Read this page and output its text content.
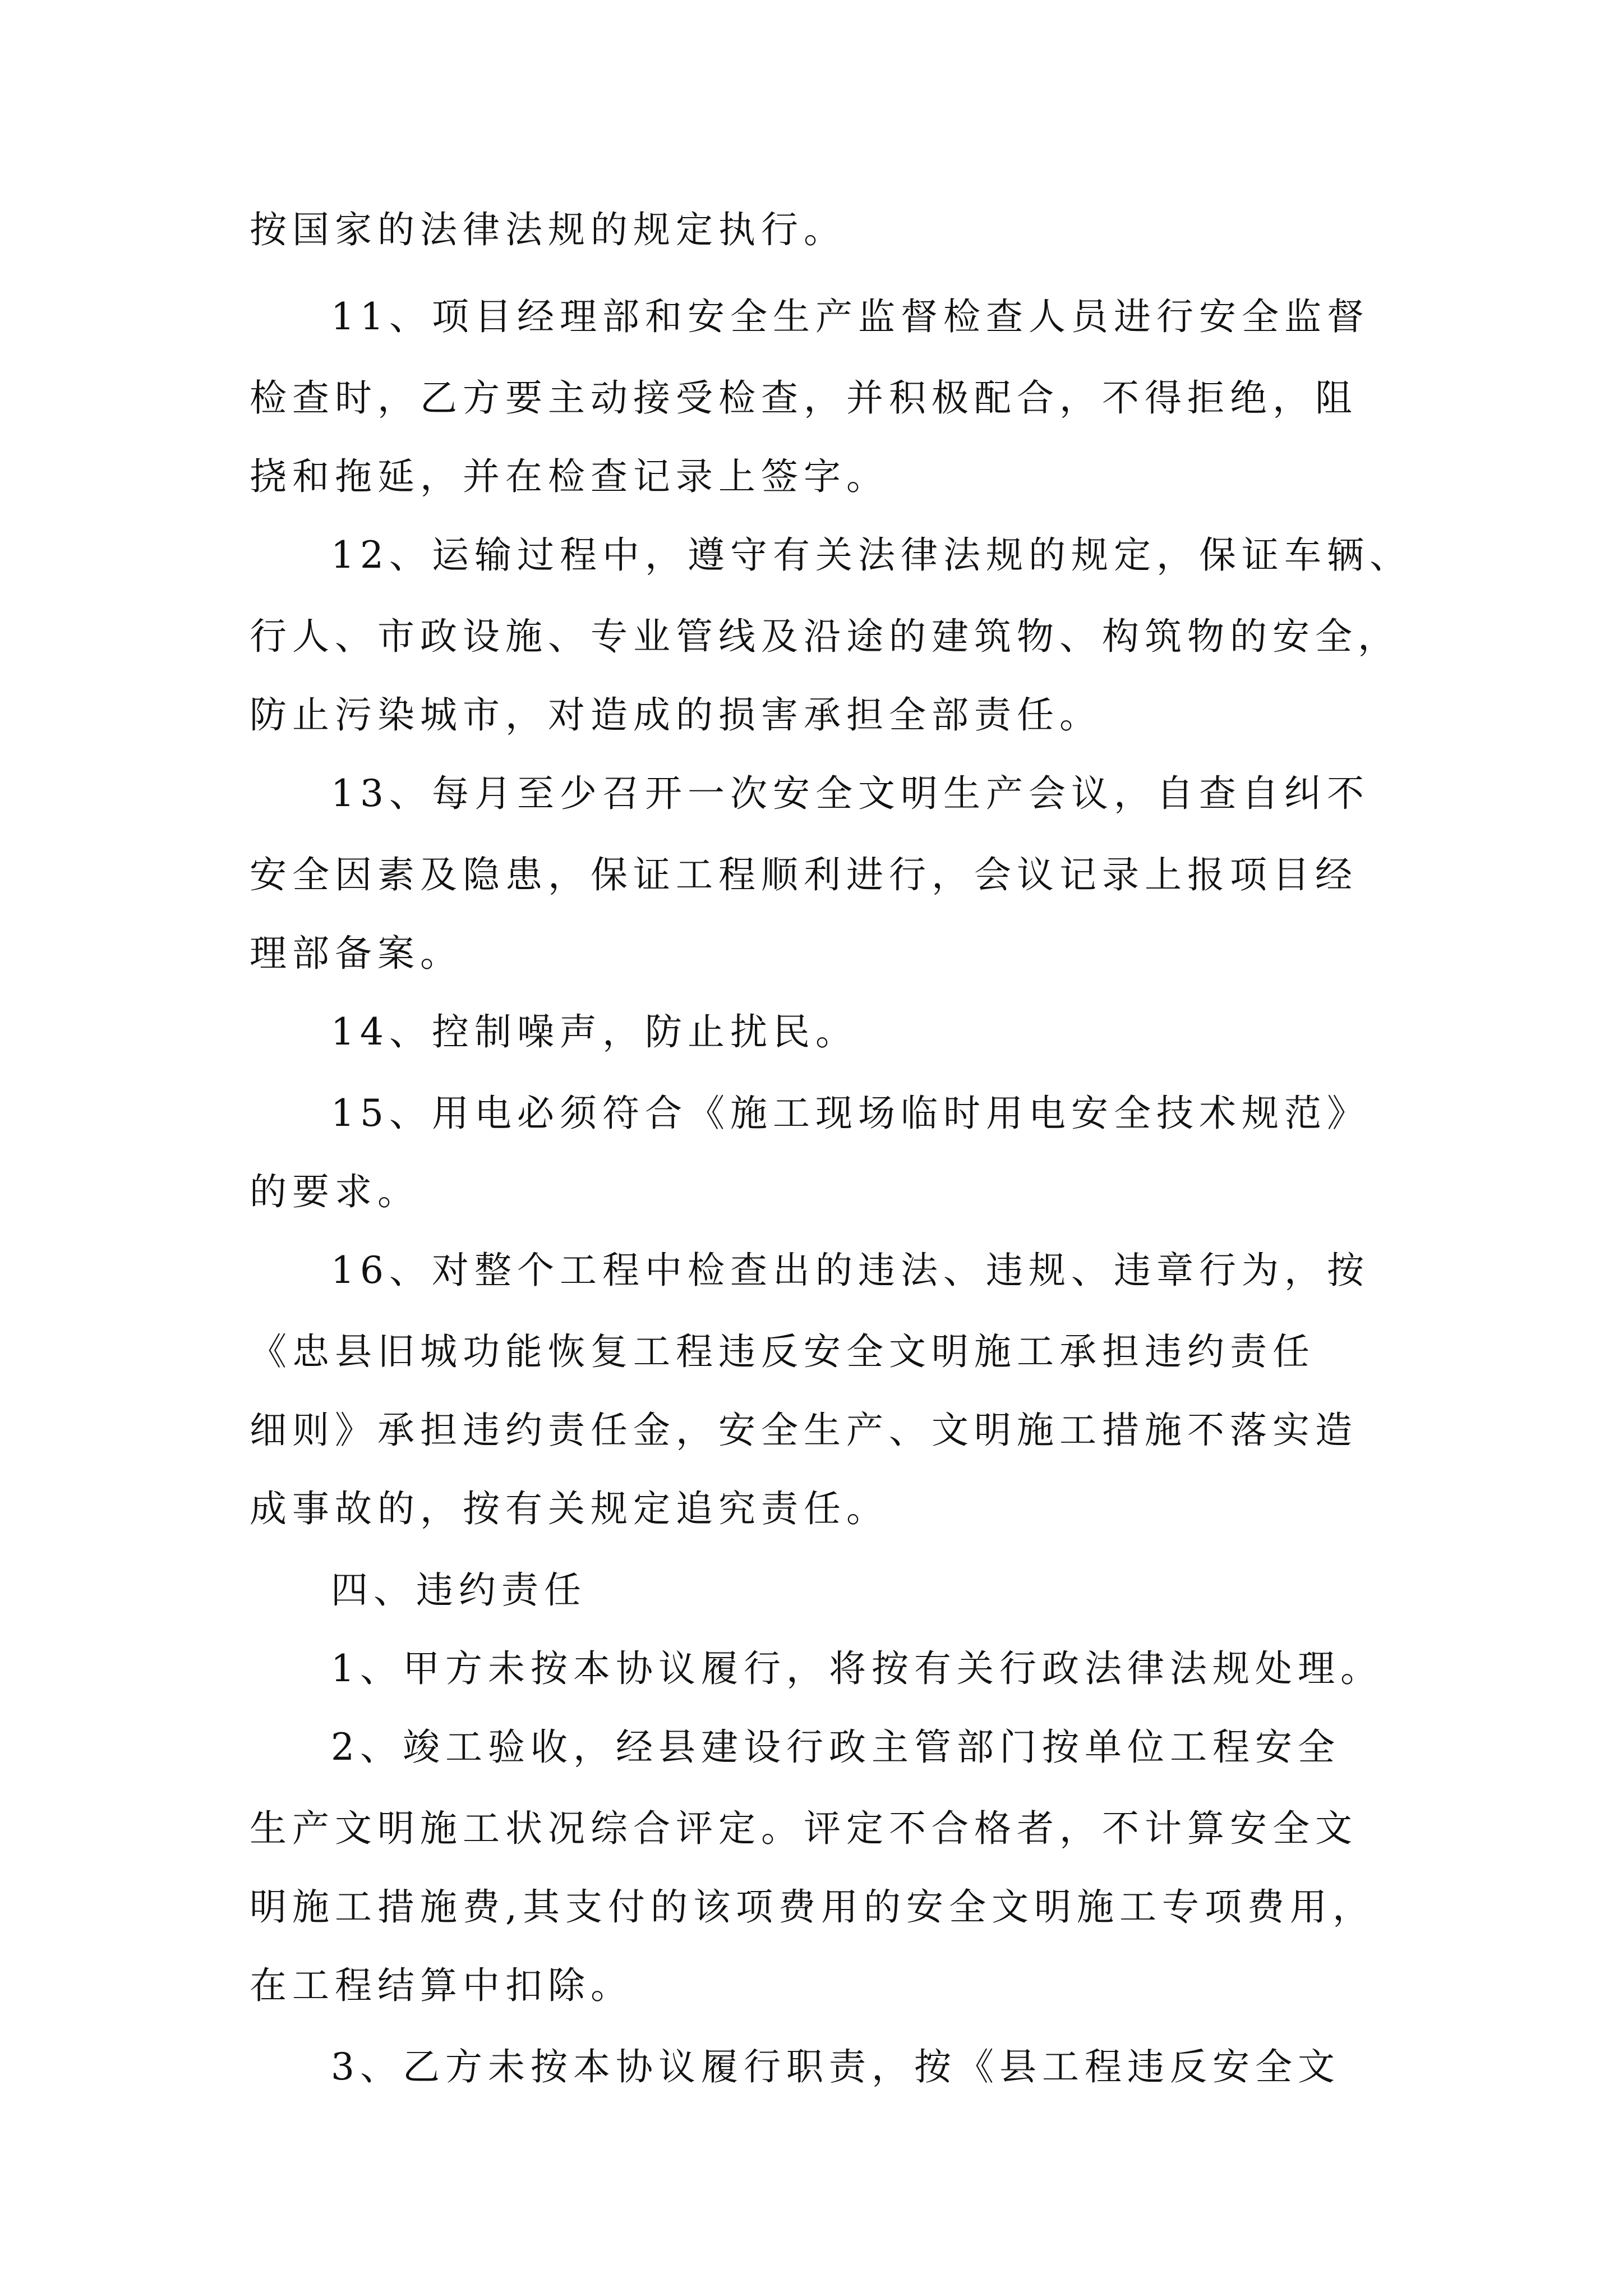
按国家的法律法规的规定执行。
11、项目经理部和安全生产监督检查人员进行安全监督
检查时，乙方要主动接受检查，并积极配合，不得拒绝，阻
挠和拖延，并在检查记录上签字。
12、运输过程中，遵守有关法律法规的规定，保证车辆、
行人、市政设施、专业管线及沿途的建筑物、构筑物的安全，
防止污染城市，对造成的损害承担全部责任。
13、每月至少召开一次安全文明生产会议，自查自纠不
安全因素及隐患，保证工程顺利进行，会议记录上报项目经
理部备案。
14、控制噪声，防止扰民。
15、用电必须符合《施工现场临时用电安全技术规范》
的要求。
16、对整个工程中检查出的违法、违规、违章行为，按
《忠县旧城功能恢复工程违反安全文明施工承担违约责任
细则》承担违约责任金，安全生产、文明施工措施不落实造
成事故的，按有关规定追究责任。
四、违约责任
1、甲方未按本协议履行，将按有关行政法律法规处理。
2、竣工验收，经县建设行政主管部门按单位工程安全
生产文明施工状况综合评定。评定不合格者，不计算安全文
明施工措施费,其支付的该项费用的安全文明施工专项费用，
在工程结算中扣除。
3、乙方未按本协议履行职责，按《县工程违反安全文
